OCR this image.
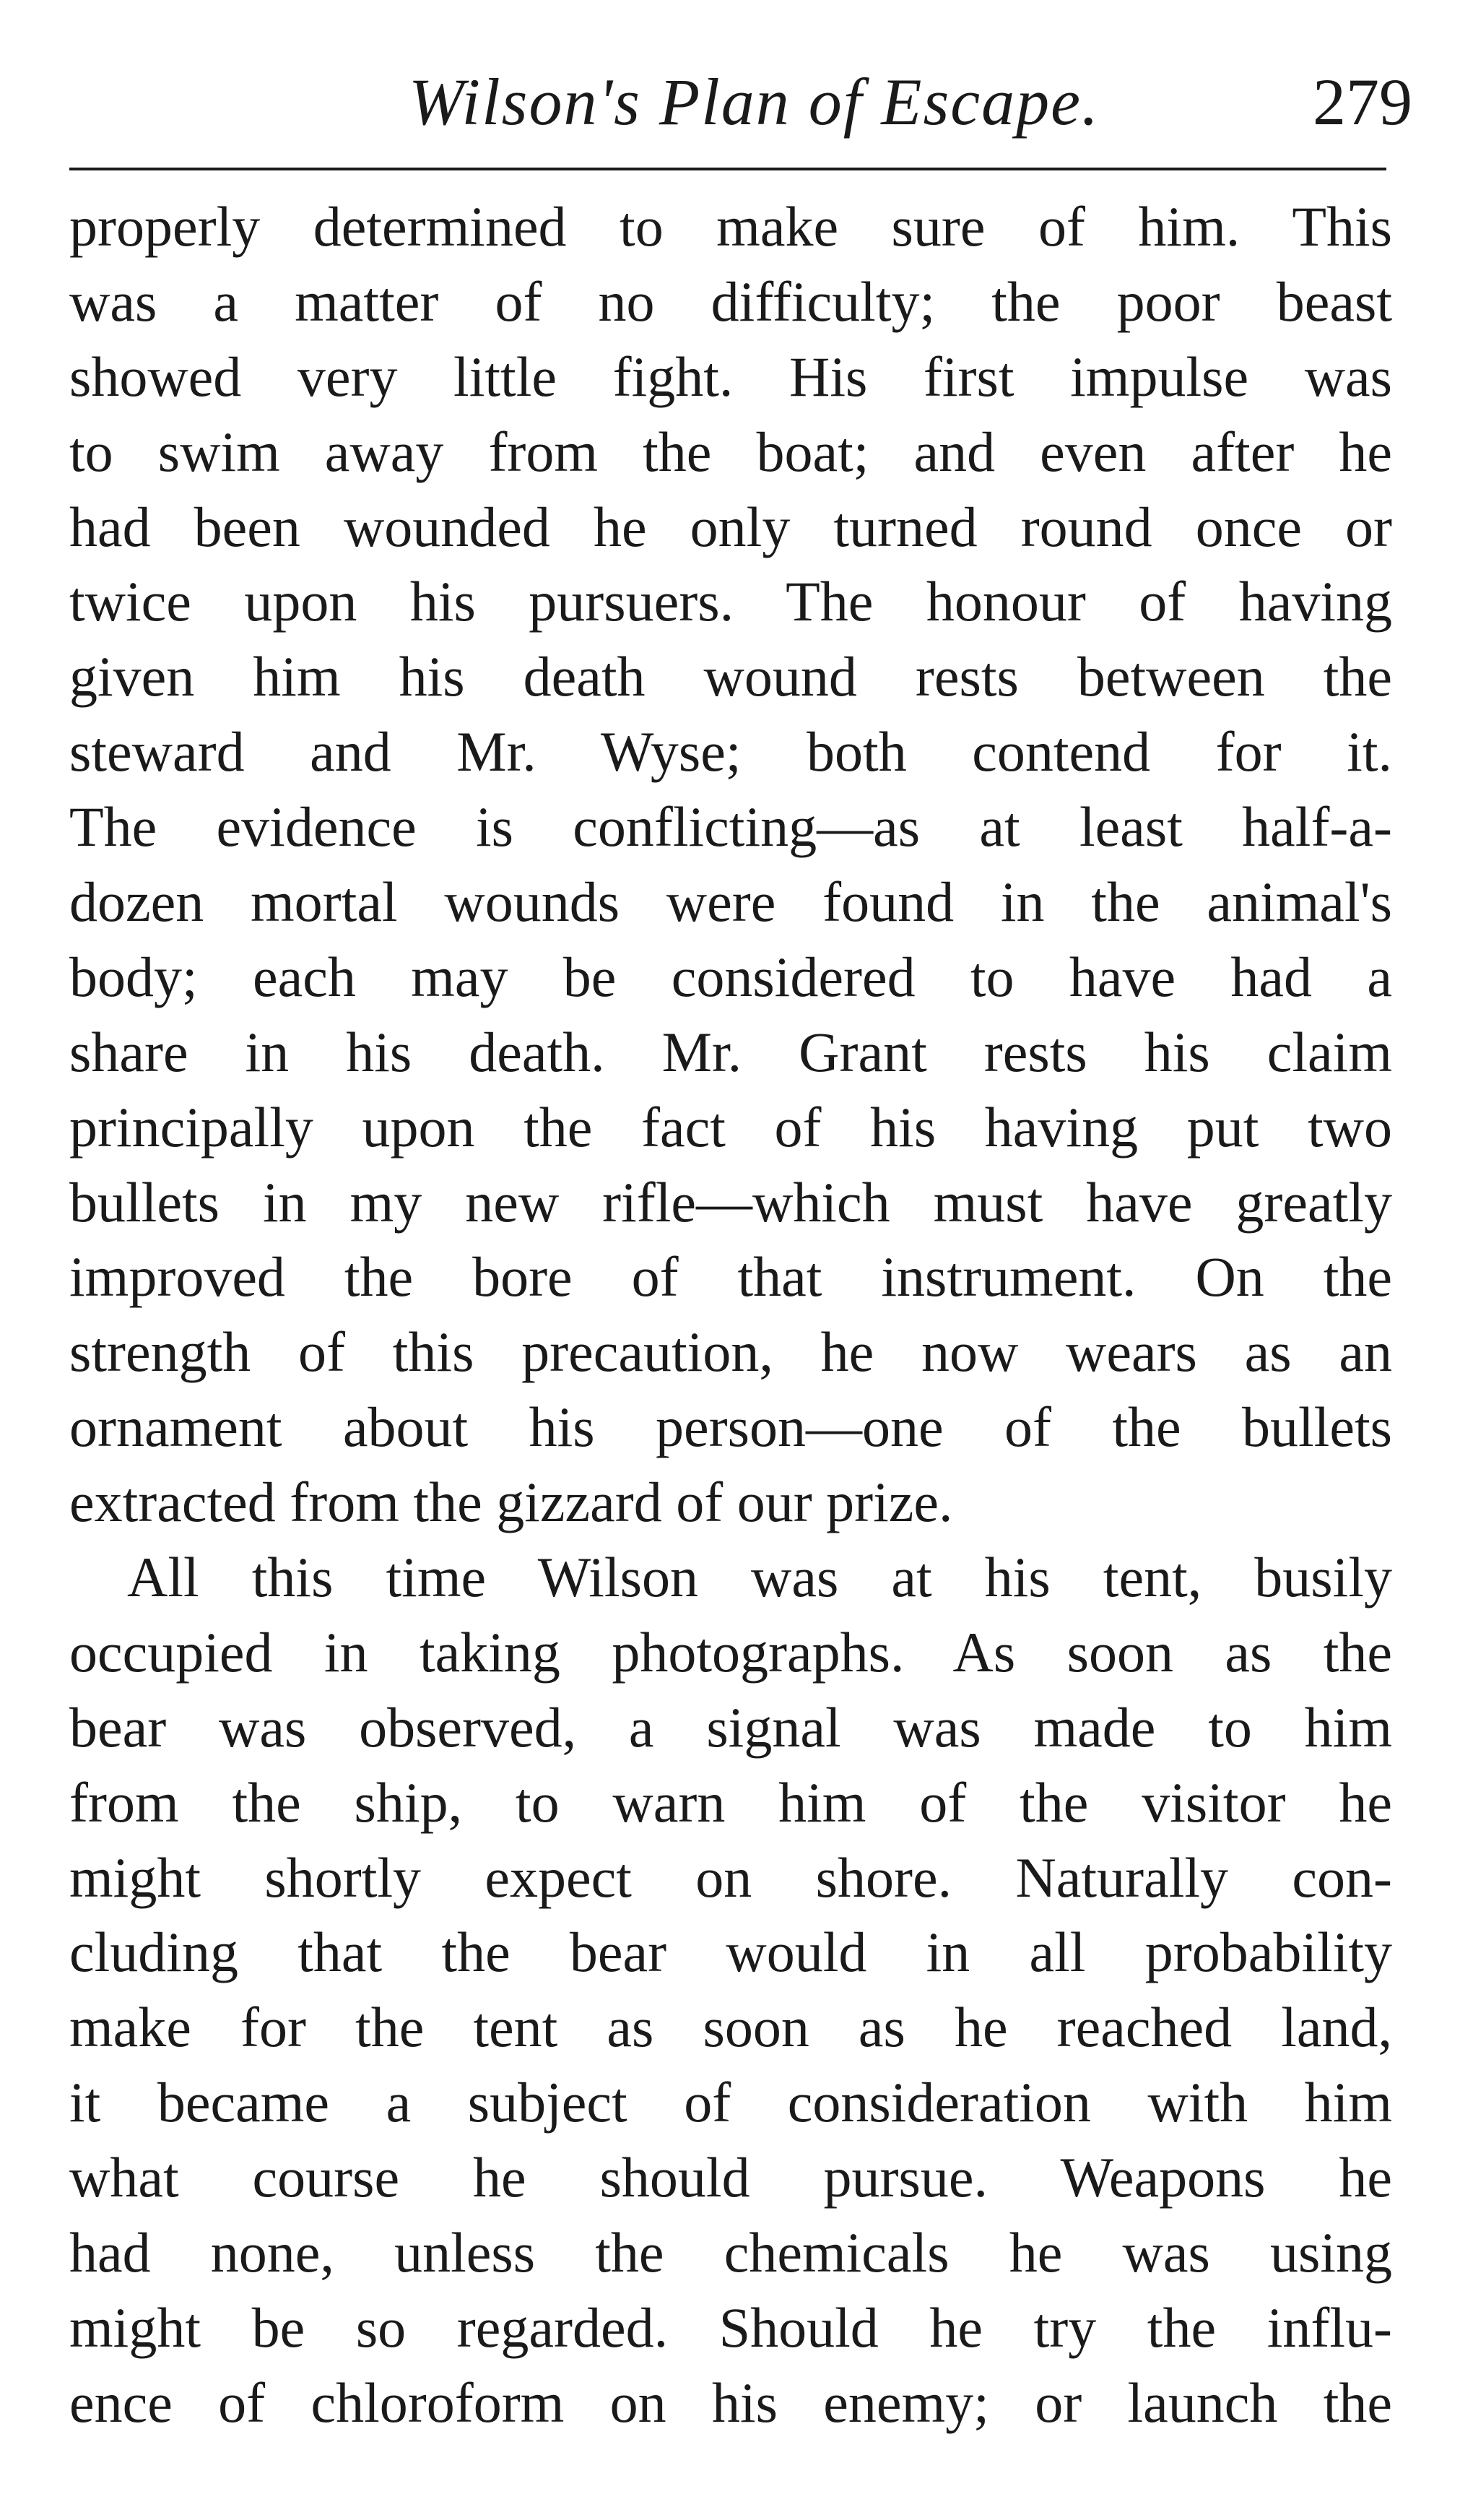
Wilson's Plan of Escape.	279
properly determined to make sure of him. This
was a matter of no difficulty; the poor beast
showed very little fight. His first impulse was
to swim away from the boat; and even after he
had been wounded he only turned round once or
twice upon his pursuers. The honour of having
given him his death wound rests between the
steward and Mr. Wyse; both contend for it.
The evidence is conflicting—as at least half-a-
dozen mortal wounds were found in the animal's
body; each may be considered to have had a
share in his death. Mr. Grant rests his claim
principally upon the fact of his having put two
bullets in my new rifle—which must have greatly
improved the bore of that instrument. On the
strength of this precaution, he now wears as an
ornament about his person—one of the bullets
extracted from the gizzard of our prize.
All this time Wilson was at his tent, busily
occupied in taking photographs. As soon as the
bear was observed, a signal was made to him
from the ship, to warn him of the visitor he
might shortly expect on shore. Naturally con-
cluding that the bear would in all probability
make for the tent as soon as he reached land,
it became a subject of consideration with him
what course he should pursue. Weapons he
had none, unless the chemicals he was using
might be so regarded. Should he try the influ-
ence of chloroform on his enemy; or launch the
